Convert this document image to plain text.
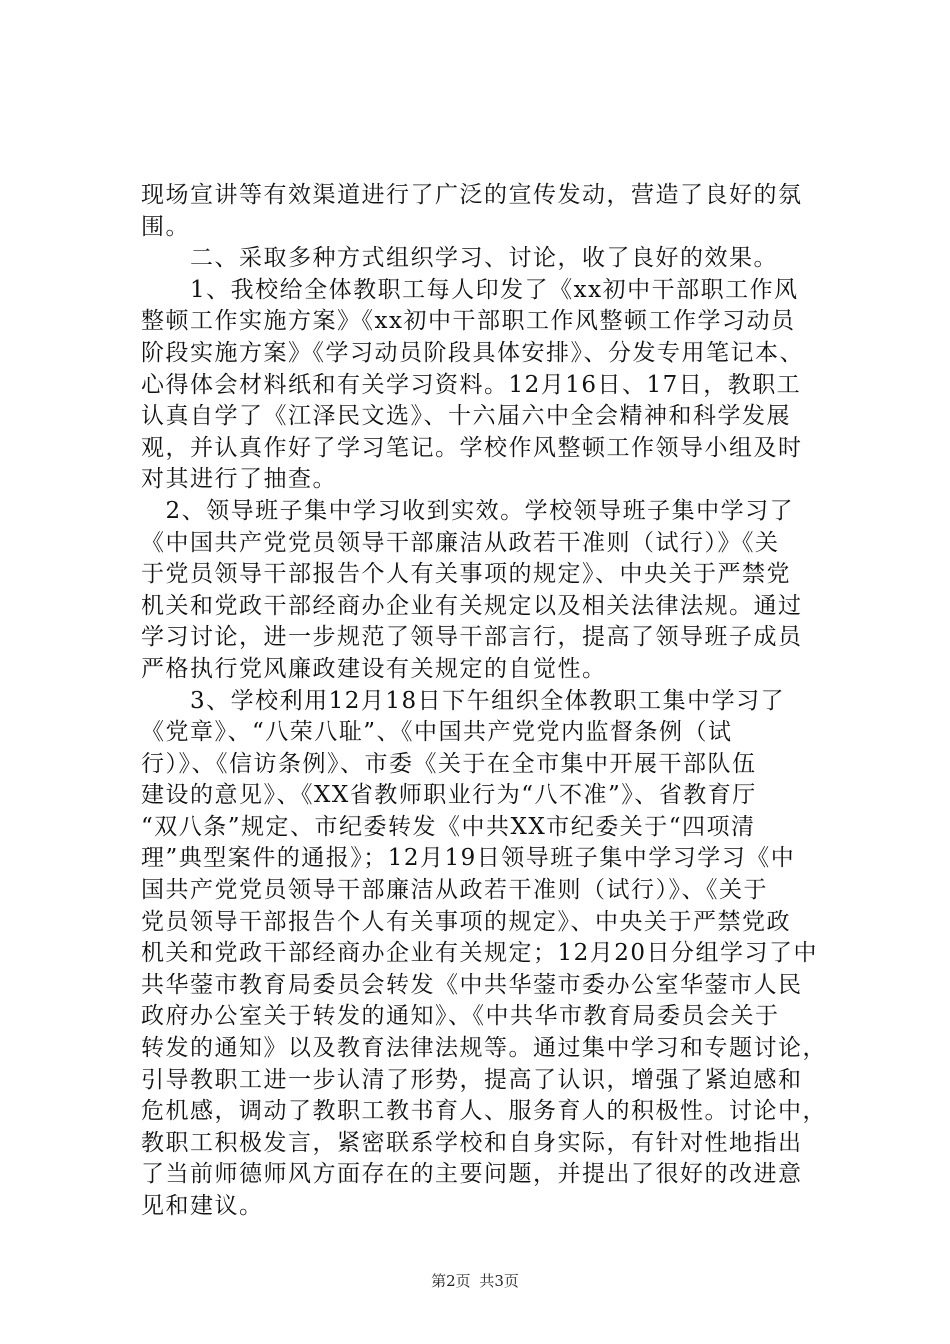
现场宣讲等有效渠道进行了广泛的宣传发动，营造了良好的氛
围。
　　二、采取多种方式组织学习、讨论，收了良好的效果。
　　1、我校给全体教职工每人印发了《xx初中干部职工作风
整顿工作实施方案》《xx初中干部职工作风整顿工作学习动员
阶段实施方案》《学习动员阶段具体安排》、分发专用笔记本、
心得体会材料纸和有关学习资料。12月16日、17日，教职工
认真自学了《江泽民文选》、十六届六中全会精神和科学发展
观，并认真作好了学习笔记。学校作风整顿工作领导小组及时
对其进行了抽查。
　2、领导班子集中学习收到实效。学校领导班子集中学习了
《中国共产党党员领导干部廉洁从政若干准则（试行）》《关
于党员领导干部报告个人有关事项的规定》、中央关于严禁党
机关和党政干部经商办企业有关规定以及相关法律法规。通过
学习讨论，进一步规范了领导干部言行，提高了领导班子成员
严格执行党风廉政建设有关规定的自觉性。
　　3、学校利用12月18日下午组织全体教职工集中学习了
《党章》、“八荣八耻”、《中国共产党党内监督条例（试
行）》、《信访条例》、市委《关于在全市集中开展干部队伍
建设的意见》、《XX省教师职业行为“八不准”》、省教育厅
“双八条”规定、市纪委转发《中共XX市纪委关于“四项清
理”典型案件的通报》；12月19日领导班子集中学习学习《中
国共产党党员领导干部廉洁从政若干准则（试行）》、《关于
党员领导干部报告个人有关事项的规定》、中央关于严禁党政
机关和党政干部经商办企业有关规定；12月20日分组学习了中
共华蓥市教育局委员会转发《中共华蓥市委办公室华蓥市人民
政府办公室关于转发的通知》、《中共华市教育局委员会关于
转发的通知》以及教育法律法规等。通过集中学习和专题讨论，
引导教职工进一步认清了形势，提高了认识，增强了紧迫感和
危机感，调动了教职工教书育人、服务育人的积极性。讨论中，
教职工积极发言，紧密联系学校和自身实际，有针对性地指出
了当前师德师风方面存在的主要问题，并提出了很好的改进意
见和建议。
第2页 共3页
